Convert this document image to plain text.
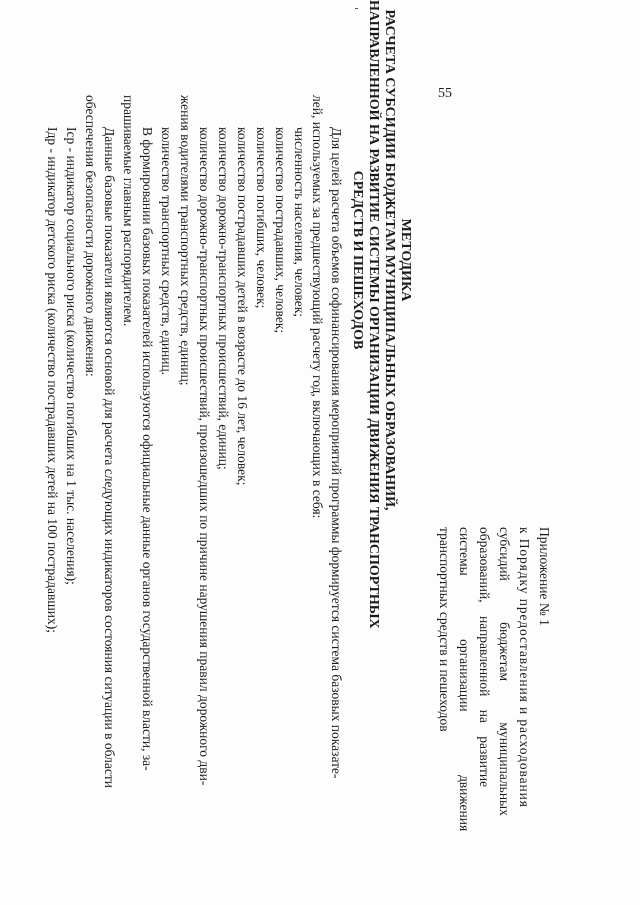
55
Приложение № 1
к Порядку предоставления и расходования
субсидий бюджетам муниципальных
образований, направленной на развитие
системы организации движения
транспортных средств и пешеходов
МЕТОДИКА
РАСЧЕТА СУБСИДИИ БЮДЖЕТАМ МУНИЦИПАЛЬНЫХ ОБРАЗОВАНИЙ,
НАПРАВЛЕННОЙ НА РАЗВИТИЕ СИСТЕМЫ ОРГАНИЗАЦИИ ДВИЖЕНИЯ ТРАНСПОРТНЫХ
СРЕДСТВ И ПЕШЕХОДОВ
Для целей расчета объемов софинансирования мероприятий программы формируется система базовых показате-
лей, используемых за предшествующий расчету год, включающих в себя:
численность населения, человек;
количество пострадавших, человек;
количество погибших, человек;
количество пострадавших детей в возрасте до 16 лет, человек;
количество дорожно-транспортных происшествий, единиц;
количество дорожно-транспортных происшествий, произошедших по причине нарушения правил дорожного дви-
жения водителями транспортных средств, единиц;
количество транспортных средств, единиц.
В формировании базовых показателей используются официальные данные органов государственной власти, за-
прашиваемые главным распорядителем.
Данные базовые показатели являются основой для расчета следующих индикаторов состояния ситуации в области
обеспечения безопасности дорожного движения:
Iср - индикатор социального риска (количество погибших на 1 тыс. населения);
Iдр - индикатор детского риска (количество пострадавших детей на 100 пострадавших);
